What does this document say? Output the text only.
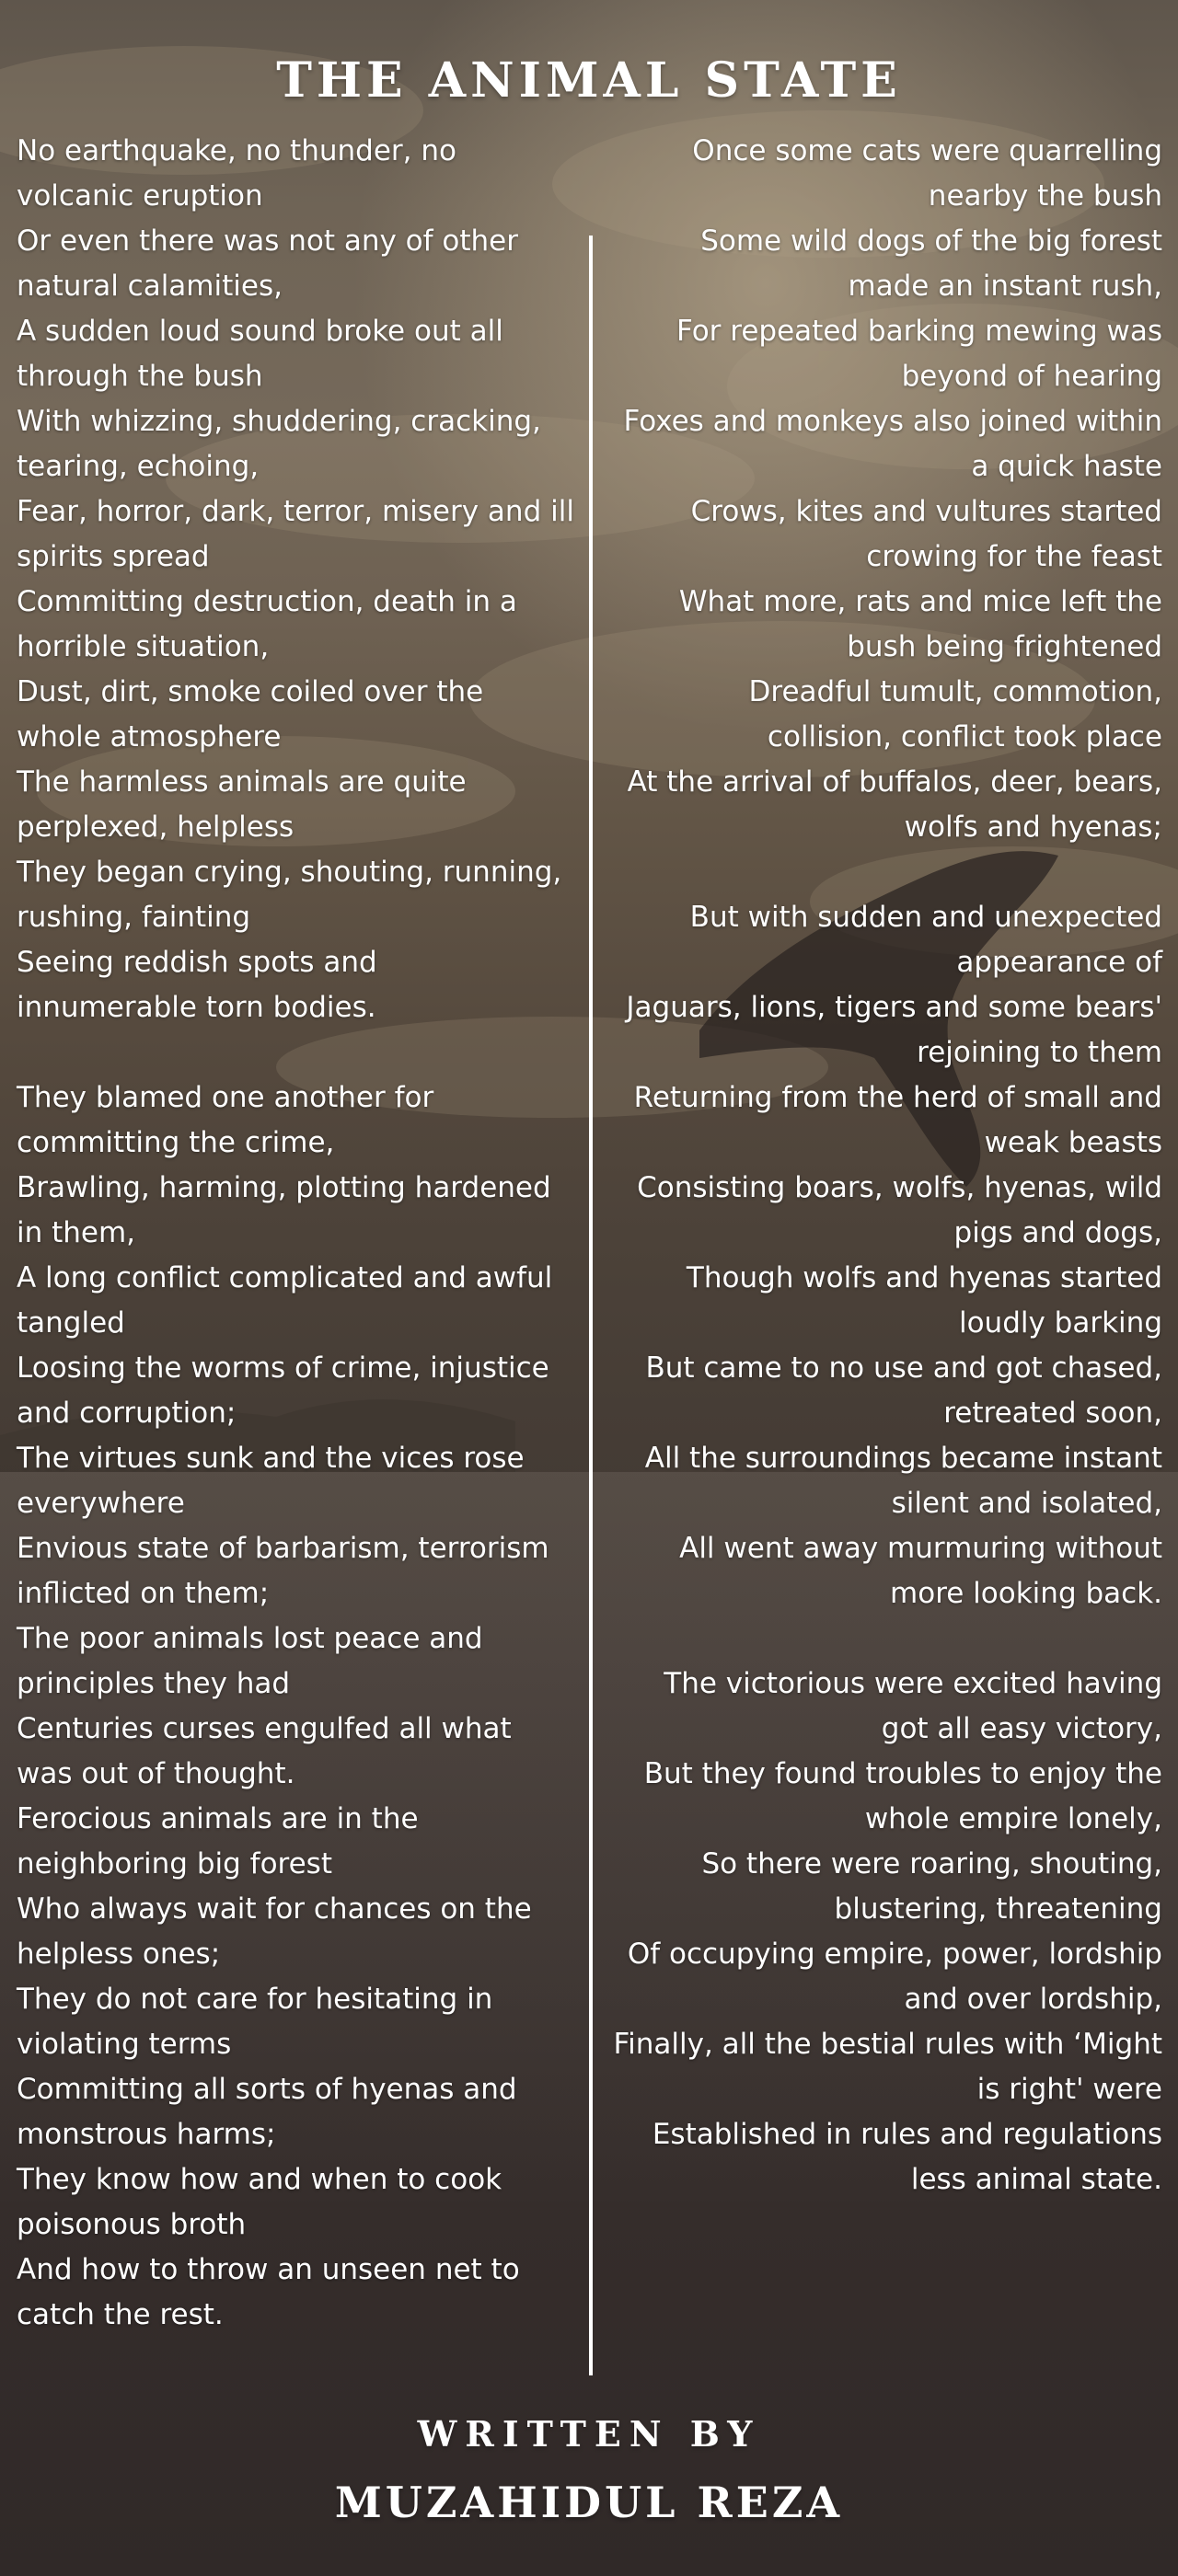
THE ANIMAL STATE
No earthquake, no thunder, no
volcanic eruption
Or even there was not any of other
natural calamities,
A sudden loud sound broke out all
through the bush
With whizzing, shuddering, cracking,
tearing, echoing,
Fear, horror, dark, terror, misery and ill
spirits spread
Committing destruction, death in a
horrible situation,
Dust, dirt, smoke coiled over the
whole atmosphere
The harmless animals are quite
perplexed, helpless
They began crying, shouting, running,
rushing, fainting
Seeing reddish spots and
innumerable torn bodies.
They blamed one another for
committing the crime,
Brawling, harming, plotting hardened
in them,
A long conflict complicated and awful
tangled
Loosing the worms of crime, injustice
and corruption;
The virtues sunk and the vices rose
everywhere
Envious state of barbarism, terrorism
inflicted on them;
The poor animals lost peace and
principles they had
Centuries curses engulfed all what
was out of thought.
Ferocious animals are in the
neighboring big forest
Who always wait for chances on the
helpless ones;
They do not care for hesitating in
violating terms
Committing all sorts of hyenas and
monstrous harms;
They know how and when to cook
poisonous broth
And how to throw an unseen net to
catch the rest.
Once some cats were quarrelling
nearby the bush
Some wild dogs of the big forest
made an instant rush,
For repeated barking mewing was
beyond of hearing
Foxes and monkeys also joined within
a quick haste
Crows, kites and vultures started
crowing for the feast
What more, rats and mice left the
bush being frightened
Dreadful tumult, commotion,
collision, conflict took place
At the arrival of buffalos, deer, bears,
wolfs and hyenas;
But with sudden and unexpected
appearance of
Jaguars, lions, tigers and some bears'
rejoining to them
Returning from the herd of small and
weak beasts
Consisting boars, wolfs, hyenas, wild
pigs and dogs,
Though wolfs and hyenas started
loudly barking
But came to no use and got chased,
retreated soon,
All the surroundings became instant
silent and isolated,
All went away murmuring without
more looking back.
The victorious were excited having
got all easy victory,
But they found troubles to enjoy the
whole empire lonely,
So there were roaring, shouting,
blustering, threatening
Of occupying empire, power, lordship
and over lordship,
Finally, all the bestial rules with ‘Might
is right' were
Established in rules and regulations
less animal state.
WRITTEN BY
MUZAHIDUL REZA
